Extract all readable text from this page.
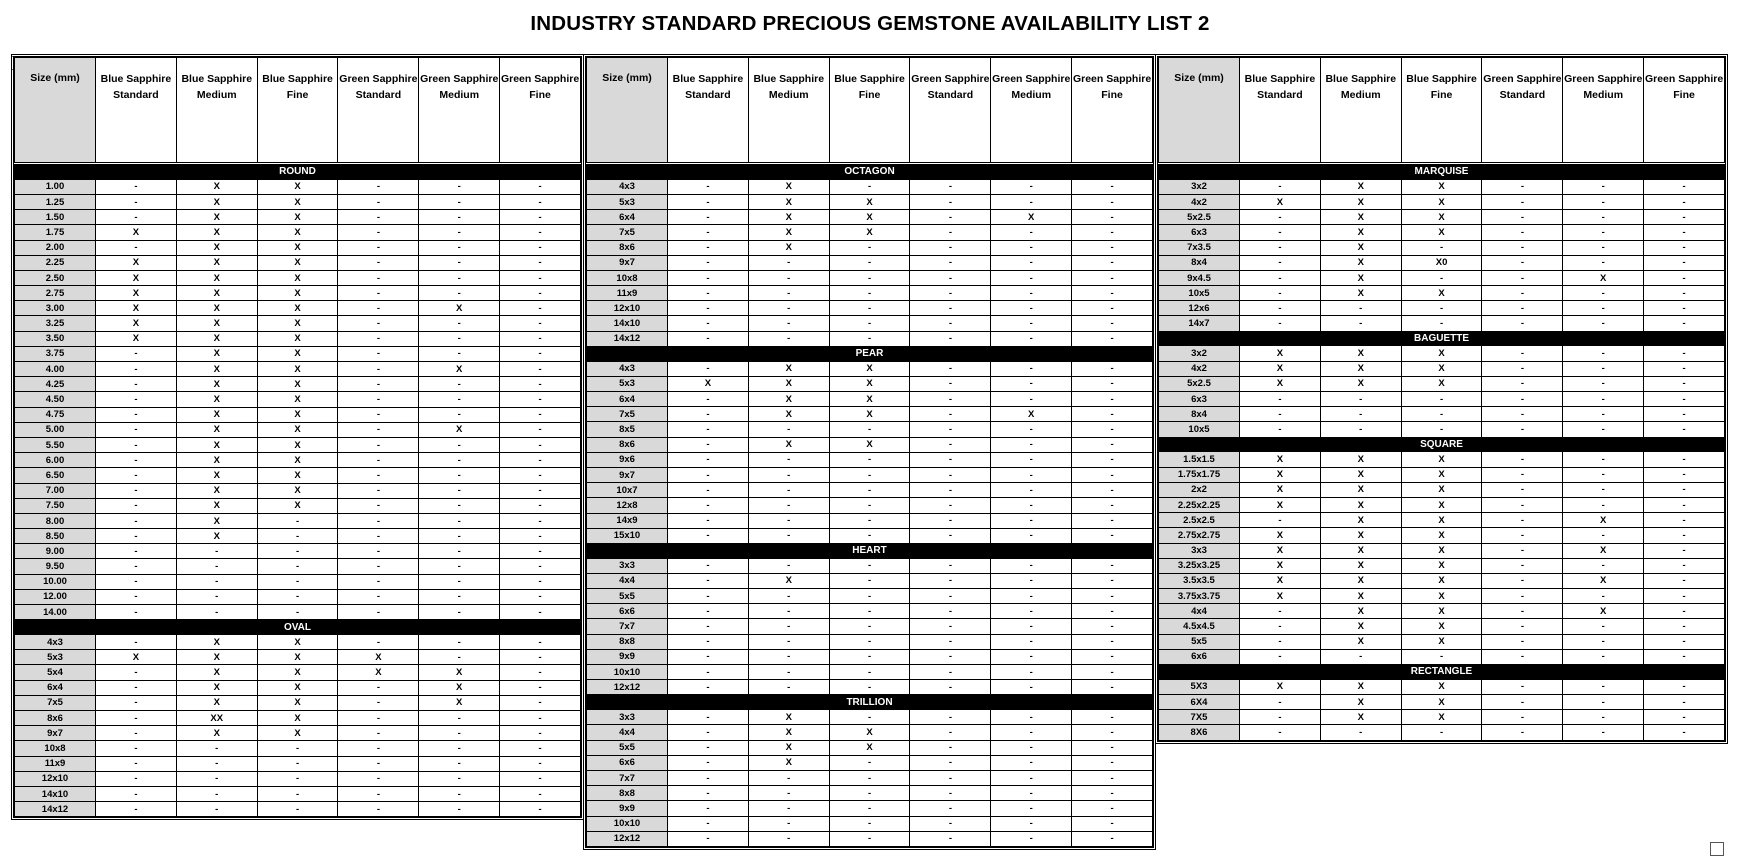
INDUSTRY STANDARD PRECIOUS GEMSTONE AVAILABILITY LIST 2
Size (mm)	Blue Sapphire Standard	Blue Sapphire Medium	Blue Sapphire Fine	Green Sapphire Standard	Green Sapphire Medium	Green Sapphire Fine

ROUND						
1.00	-	X	X	-	-	-
1.25	-	X	X	-	-	-
1.50	-	X	X	-	-	-
1.75	X	X	X	-	-	-
2.00	-	X	X	-	-	-
2.25	X	X	X	-	-	-
2.50	X	X	X	-	-	-
2.75	X	X	X	-	-	-
3.00	X	X	X	-	X	-
3.25	X	X	X	-	-	-
3.50	X	X	X	-	-	-
3.75	-	X	X	-	-	-
4.00	-	X	X	-	X	-
4.25	-	X	X	-	-	-
4.50	-	X	X	-	-	-
4.75	-	X	X	-	-	-
5.00	-	X	X	-	X	-
5.50	-	X	X	-	-	-
6.00	-	X	X	-	-	-
6.50	-	X	X	-	-	-
7.00	-	X	X	-	-	-
7.50	-	X	X	-	-	-
8.00	-	X	-	-	-	-
8.50	-	X	-	-	-	-
9.00	-	-	-	-	-	-
9.50	-	-	-	-	-	-
10.00	-	-	-	-	-	-
12.00	-	-	-	-	-	-
14.00	-	-	-	-	-	-
OVAL						
4x3	-	X	X	-	-	-
5x3	X	X	X	X	-	-
5x4	-	X	X	X	X	-
6x4	-	X	X	-	X	-
7x5	-	X	X	-	X	-
8x6	-	XX	X	-	-	-
9x7	-	X	X	-	-	-
10x8	-	-	-	-	-	-
11x9	-	-	-	-	-	-
12x10	-	-	-	-	-	-
14x10	-	-	-	-	-	-
14x12	-	-	-	-	-	-
Size (mm)	Blue Sapphire Standard	Blue Sapphire Medium	Blue Sapphire Fine	Green Sapphire Standard	Green Sapphire Medium	Green Sapphire Fine

OCTAGON						
4x3	-	X	-	-	-	-
5x3	-	X	X	-	-	-
6x4	-	X	X	-	X	-
7x5	-	X	X	-	-	-
8x6	-	X	-	-	-	-
9x7	-	-	-	-	-	-
10x8	-	-	-	-	-	-
11x9	-	-	-	-	-	-
12x10	-	-	-	-	-	-
14x10	-	-	-	-	-	-
14x12	-	-	-	-	-	-
PEAR						
4x3	-	X	X	-	-	-
5x3	X	X	X	-	-	-
6x4	-	X	X	-	-	-
7x5	-	X	X	-	X	-
8x5	-	-	-	-	-	-
8x6	-	X	X	-	-	-
9x6	-	-	-	-	-	-
9x7	-	-	-	-	-	-
10x7	-	-	-	-	-	-
12x8	-	-	-	-	-	-
14x9	-	-	-	-	-	-
15x10	-	-	-	-	-	-
HEART						
3x3	-	-	-	-	-	-
4x4	-	X	-	-	-	-
5x5	-	-	-	-	-	-
6x6	-	-	-	-	-	-
7x7	-	-	-	-	-	-
8x8	-	-	-	-	-	-
9x9	-	-	-	-	-	-
10x10	-	-	-	-	-	-
12x12	-	-	-	-	-	-
TRILLION						
3x3	-	X	-	-	-	-
4x4	-	X	X	-	-	-
5x5	-	X	X	-	-	-
6x6	-	X	-	-	-	-
7x7	-	-	-	-	-	-
8x8	-	-	-	-	-	-
9x9	-	-	-	-	-	-
10x10	-	-	-	-	-	-
12x12	-	-	-	-	-	-
Size (mm)	Blue Sapphire Standard	Blue Sapphire Medium	Blue Sapphire Fine	Green Sapphire Standard	Green Sapphire Medium	Green Sapphire Fine

MARQUISE						
3x2	-	X	X	-	-	-
4x2	X	X	X	-	-	-
5x2.5	-	X	X	-	-	-
6x3	-	X	X	-	-	-
7x3.5	-	X	-	-	-	-
8x4	-	X	X0	-	-	-
9x4.5	-	X	-	-	X	-
10x5	-	X	X	-	-	-
12x6	-	-	-	-	-	-
14x7	-	-	-	-	-	-
BAGUETTE						
3x2	X	X	X	-	-	-
4x2	X	X	X	-	-	-
5x2.5	X	X	X	-	-	-
6x3	-	-	-	-	-	-
8x4	-	-	-	-	-	-
10x5	-	-	-	-	-	-
SQUARE						
1.5x1.5	X	X	X	-	-	-
1.75x1.75	X	X	X	-	-	-
2x2	X	X	X	-	-	-
2.25x2.25	X	X	X	-	-	-
2.5x2.5	-	X	X	-	X	-
2.75x2.75	X	X	X	-	-	-
3x3	X	X	X	-	X	-
3.25x3.25	X	X	X	-	-	-
3.5x3.5	X	X	X	-	X	-
3.75x3.75	X	X	X	-	-	-
4x4	-	X	X	-	X	-
4.5x4.5	-	X	X	-	-	-
5x5	-	X	X	-	-	-
6x6	-	-	-	-	-	-
RECTANGLE						
5X3	X	X	X	-	-	-
6X4	-	X	X	-	-	-
7X5	-	X	X	-	-	-
8X6	-	-	-	-	-	-
